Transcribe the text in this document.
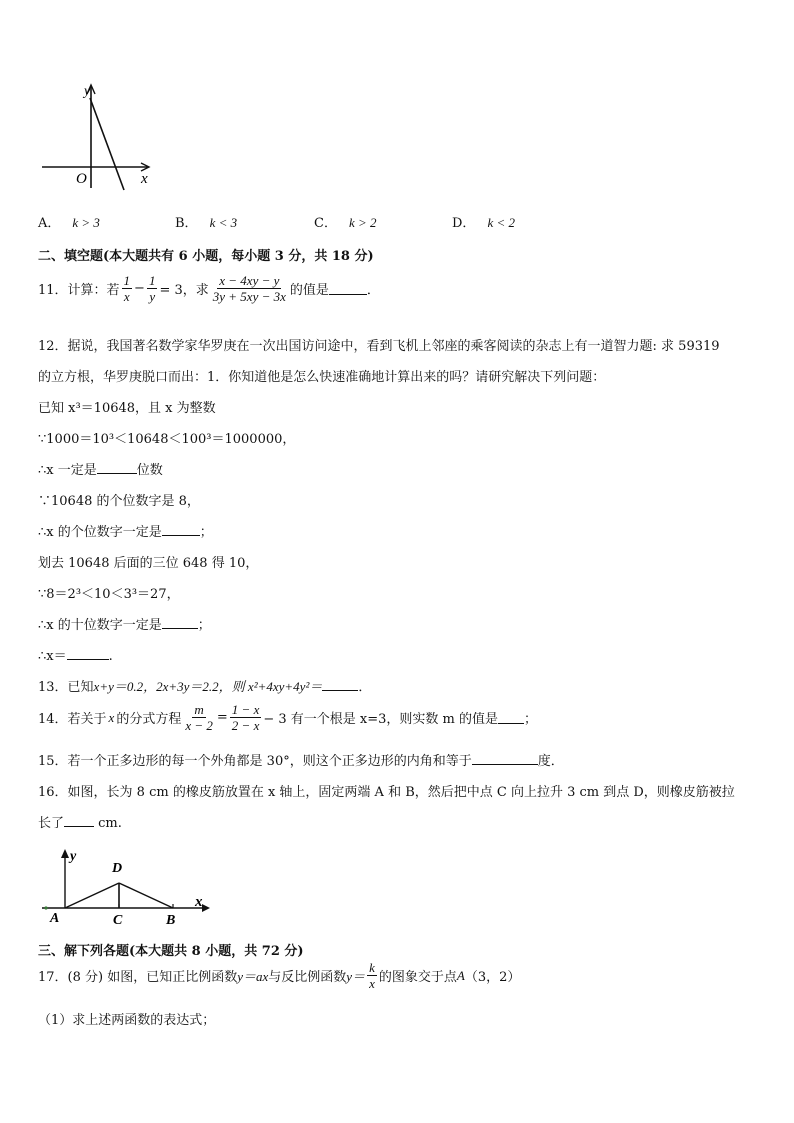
y
x
O
A． k > 3	B． k < 3	C． k > 2	D． k < 2
二、填空题(本大题共有 6 小题，每小题 3 分，共 18 分)
11．计算：若 $\frac{1}{x} - \frac{1}{y} = 3$，求 $\frac{x - 4xy - y}{3y + 5xy - 3x}$ 的值是	．
12．据说，我国著名数学家华罗庚在一次出国访问途中，看到飞机上邻座的乘客阅读的杂志上有一道智力题: 求 59319
的立方根，华罗庚脱口而出：1．你知道他是怎么快速准确地计算出来的吗？请研究解决下列问题：
已知 x³＝10648，且 x 为整数
∵1000＝10³＜10648＜100³＝1000000，
∴x 一定是	位数
∵10648 的个位数字是 8，
∴x 的个位数字一定是	；
划去 10648 后面的三位 648 得 10，
∵8＝2³＜10＜3³＝27，
∴x 的十位数字一定是	；
∴x＝	.
13．已知x+y＝0.2，2x+3y＝2.2，则 x²+4xy+4y²＝	．
14．若关于 x 的分式方程 $\frac{m}{x - 2} = \frac{1 - x}{2 - x} - 3$ 有一个根是 x=3，则实数 m 的值是 ；
15．若一个正多边形的每一个外角都是 30°，则这个正多边形的内角和等于	度．
16．如图，长为 8 cm 的橡皮筋放置在 x 轴上，固定两端 A 和 B，然后把中点 C 向上拉升 3 cm 到点 D，则橡皮筋被拉
长了 cm.
y
x
D
A	C	B
三、解下列各题(本大题共 8 小题，共 72 分)
17．(8 分) 如图，已知正比例函数 y＝ax 与反比例函数 $y= \frac{k}{x}$ 的图象交于点 A （3，2）
（1）求上述两函数的表达式；
